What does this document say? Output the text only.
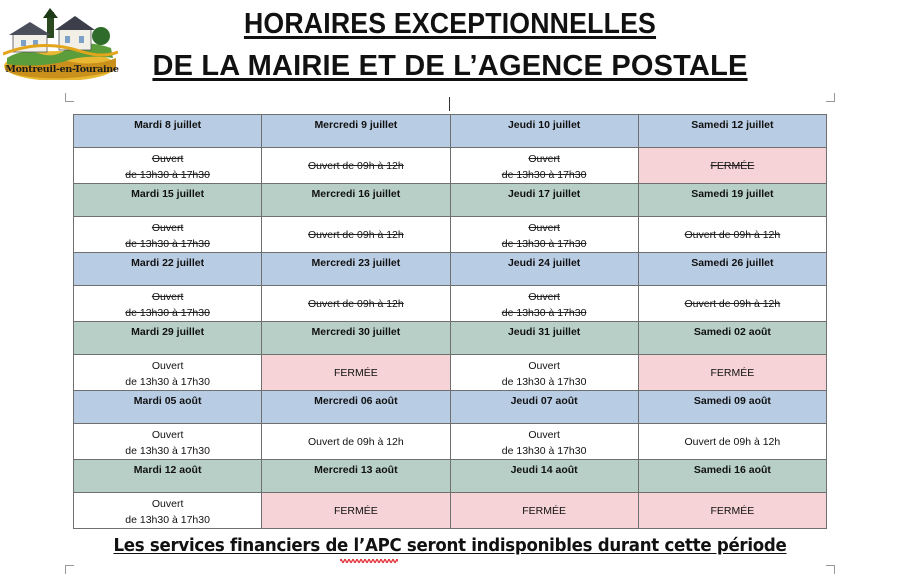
Montreuil-en-Touraine
HORAIRES EXCEPTIONNELLES
DE LA MAIRIE ET DE L’AGENCE POSTALE
Mardi 8 juillet	Mercredi 9 juillet	Jeudi 10 juillet	Samedi 12 juillet

Ouvert
de 13h30 à 17h30	Ouvert de 09h à 12h	Ouvert
de 13h30 à 17h30	FERMÉE

Mardi 15 juillet	Mercredi 16 juillet	Jeudi 17 juillet	Samedi 19 juillet

Ouvert
de 13h30 à 17h30	Ouvert de 09h à 12h	Ouvert
de 13h30 à 17h30	Ouvert de 09h à 12h

Mardi 22 juillet	Mercredi 23 juillet	Jeudi 24 juillet	Samedi 26 juillet

Ouvert
de 13h30 à 17h30	Ouvert de 09h à 12h	Ouvert
de 13h30 à 17h30	Ouvert de 09h à 12h

Mardi 29 juillet	Mercredi 30 juillet	Jeudi 31 juillet	Samedi 02 août

Ouvert
de 13h30 à 17h30	FERMÉE	Ouvert
de 13h30 à 17h30	FERMÉE

Mardi 05 août	Mercredi 06 août	Jeudi 07 août	Samedi 09 août

Ouvert
de 13h30 à 17h30	Ouvert de 09h à 12h	Ouvert
de 13h30 à 17h30	Ouvert de 09h à 12h

Mardi 12 août	Mercredi 13 août	Jeudi 14 août	Samedi 16 août

Ouvert
de 13h30 à 17h30	FERMÉE	FERMÉE	FERMÉE
Les services financiers de l’APC seront indisponibles durant cette période
